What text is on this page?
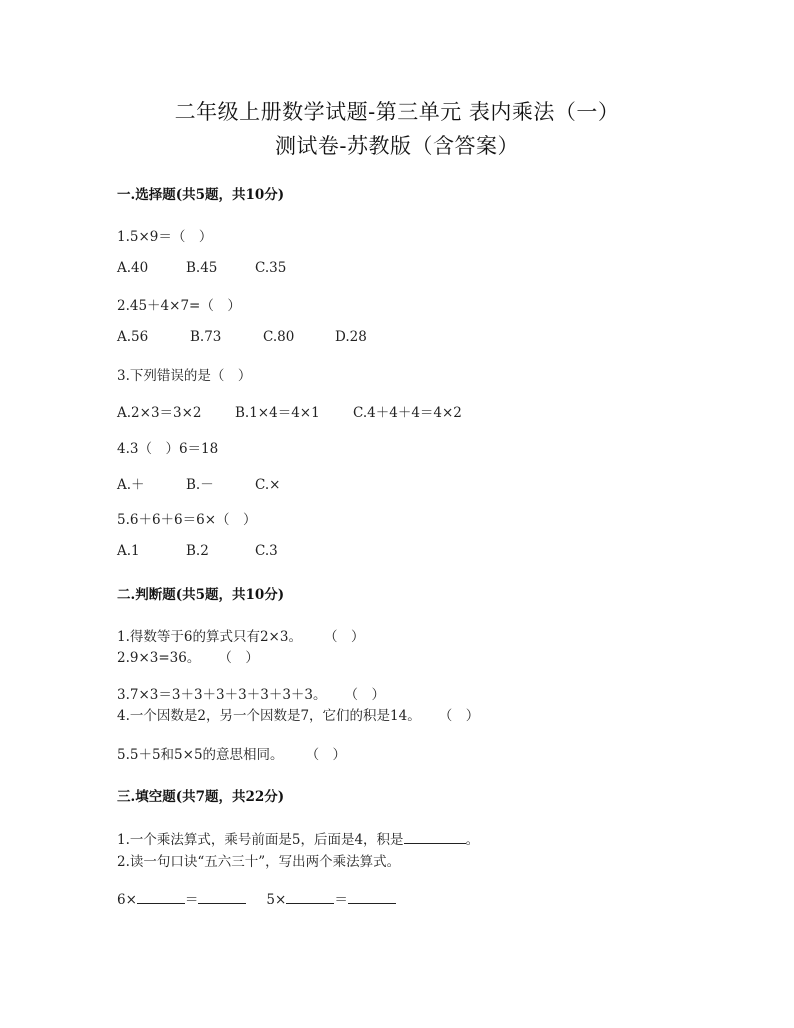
二年级上册数学试题-第三单元 表内乘法（一）
测试卷-苏教版（含答案）
一.选择题(共5题，共10分)
1.5×9＝（　）
A.40	B.45	C.35
2.45＋4×7=（　）
A.56	B.73	C.80	D.28
3.下列错误的是（　）
A.2×3＝3×2 B.1×4＝4×1 C.4＋4＋4＝4×2
4.3（　）6＝18
A.＋	B.－	C.×
5.6＋6＋6＝6×（　）
A.1	B.2	C.3
二.判断题(共5题，共10分)
1.得数等于6的算式只有2×3。 （　）
2.9×3=36。 （　）
3.7×3＝3＋3＋3＋3＋3＋3＋3。 （　）
4.一个因数是2，另一个因数是7，它们的积是14。 （　）
5.5＋5和5×5的意思相同。 （　）
三.填空题(共7题，共22分)
1.一个乘法算式，乘号前面是5，后面是4，积是	。
2.读一句口诀“五六三十”，写出两个乘法算式。
6×	＝	5×	＝
